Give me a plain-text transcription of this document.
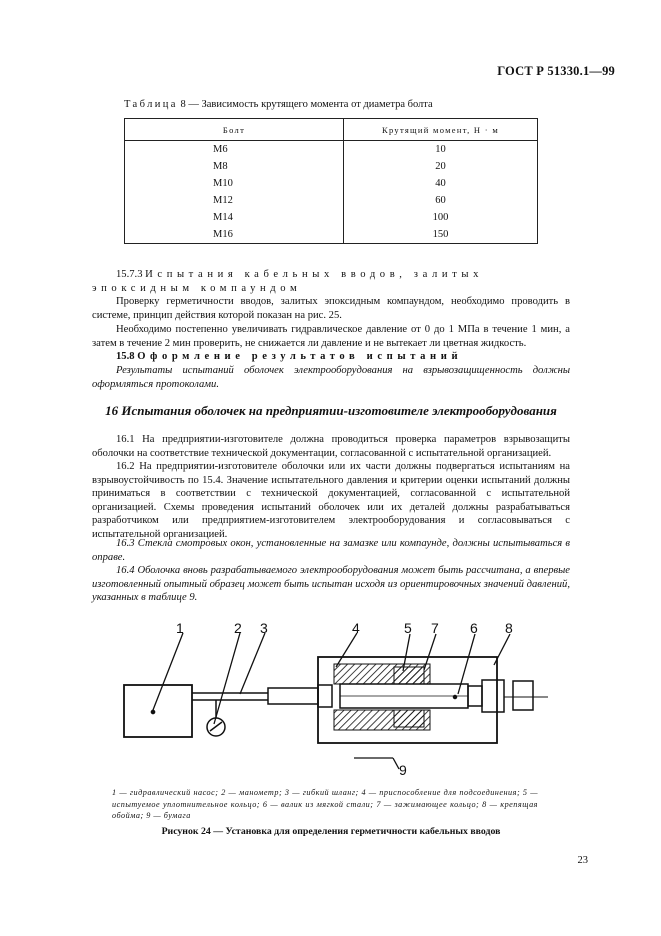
ГОСТ Р 51330.1—99
Таблица 8 — Зависимость крутящего момента от диаметра болта
Болт	Крутящий момент, Н · м
M6	10
M8	20
M10	40
M12	60
M14	100
M16	150
15.7.3 Испытания кабельных вводов, залитых эпоксидным компаундом
Проверку герметичности вводов, залитых эпоксидным компаундом, необходимо проводить в системе, принцип действия которой показан на рис. 25.
Необходимо постепенно увеличивать гидравлическое давление от 0 до 1 МПа в течение 1 мин, а затем в течение 2 мин проверить, не снижается ли давление и не вытекает ли цветная жидкость.
15.8 Оформление результатов испытаний
Результаты испытаний оболочек электрооборудования на взрывозащищенность должны оформляться протоколами.
16 Испытания оболочек на предприятии-изготовителе электрооборудования
16.1 На предприятии-изготовителе должна проводиться проверка параметров взрывозащиты оболочки на соответствие технической документации, согласованной с испытательной организацией.
16.2 На предприятии-изготовителе оболочки или их части должны подвергаться испытаниям на взрывоустойчивость по 15.4. Значение испытательного давления и критерии оценки испытаний должны приниматься в соответствии с технической документацией, согласованной с испытательной организацией. Схемы проведения испытаний оболочек или их деталей должны разрабатываться разработчиком или предприятием-изготовителем электрооборудования и согласовываться с испытательной организацией.
16.3 Стекла смотровых окон, установленные на замазке или компаунде, должны испытываться в оправе.
16.4 Оболочка вновь разрабатываемого электрооборудования может быть рассчитана, а впервые изготовленный опытный образец может быть испытан исходя из ориентировочных значений давлений, указанных в таблице 9.
1	2 3	4	5 7 6 8
9
1 — гидравлический насос; 2 — манометр; 3 — гибкий шланг; 4 — приспособление для подсоединения; 5 — испытуемое уплотнительное кольцо; 6 — валик из мягкой стали; 7 — зажимающее кольцо; 8 — крепящая обойма; 9 — бумага
Рисунок 24 — Установка для определения герметичности кабельных вводов
23
